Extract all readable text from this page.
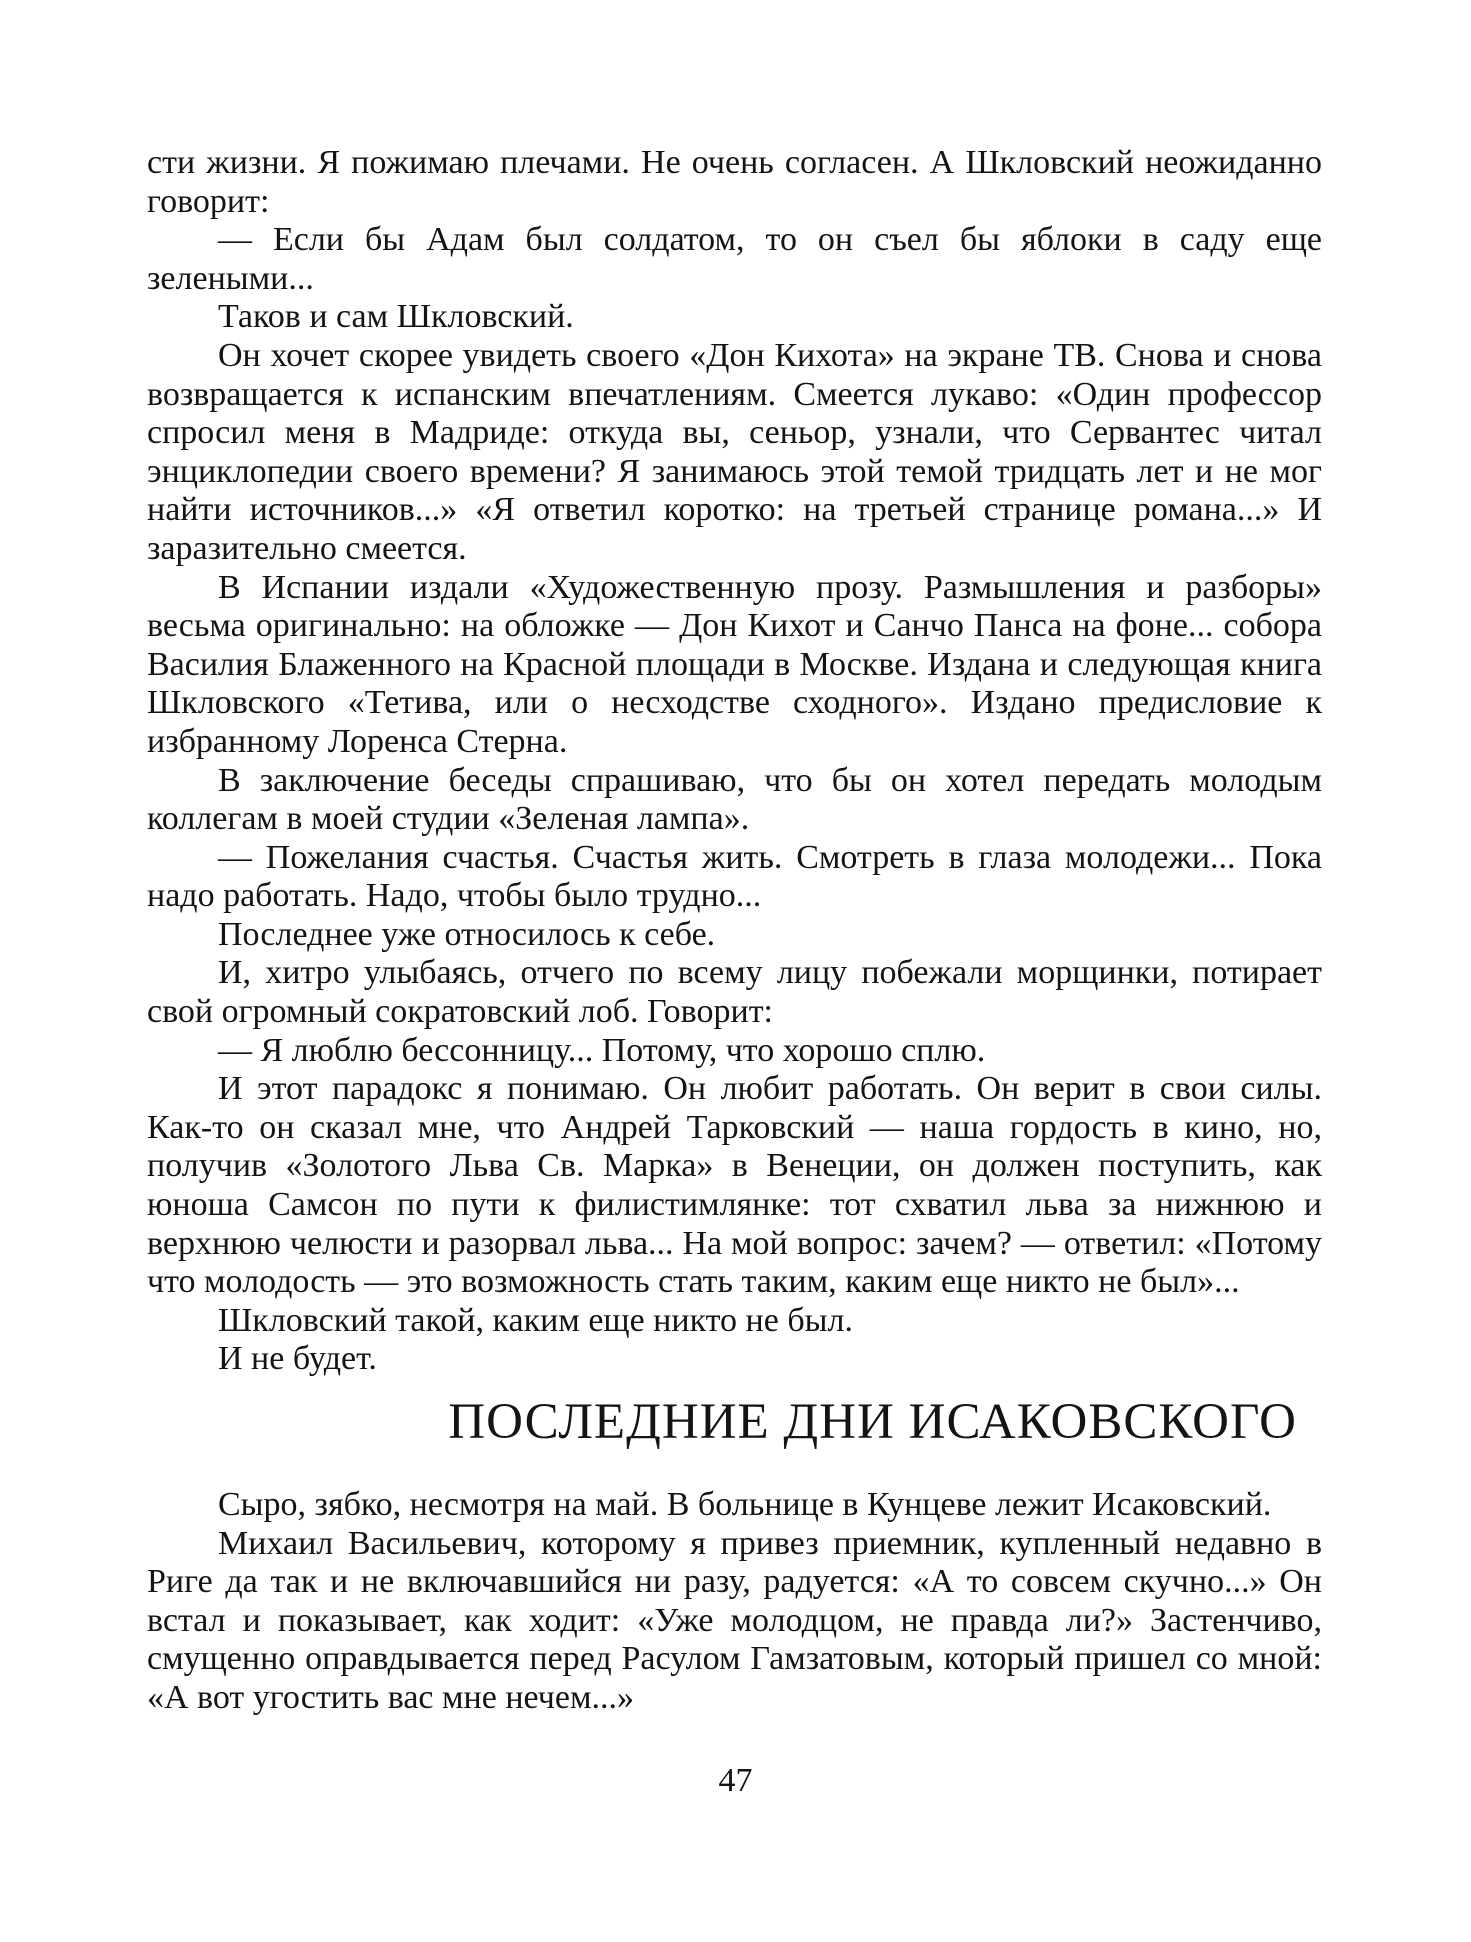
сти жизни. Я пожимаю плечами. Не очень согласен. А Шкловский неожиданно говорит:

— Если бы Адам был солдатом, то он съел бы яблоки в саду еще зелеными...

Таков и сам Шкловский.

Он хочет скорее увидеть своего «Дон Кихота» на экране ТВ. Снова и снова возвращается к испанским впечатлениям. Смеется лукаво: «Один профессор спросил меня в Мадриде: откуда вы, сеньор, узнали, что Сервантес читал энциклопедии своего времени? Я занимаюсь этой темой тридцать лет и не мог найти источников...» «Я ответил коротко: на третьей странице романа...» И заразительно смеется.

В Испании издали «Художественную прозу. Размышления и разборы» весьма оригинально: на обложке — Дон Кихот и Санчо Панса на фоне... собора Василия Блаженного на Красной площади в Москве. Издана и следующая книга Шкловского «Тетива, или о несходстве сходного». Издано предисловие к избранному Лоренса Стерна.

В заключение беседы спрашиваю, что бы он хотел передать молодым коллегам в моей студии «Зеленая лампа».

— Пожелания счастья. Счастья жить. Смотреть в глаза молодежи... Пока надо работать. Надо, чтобы было трудно...

Последнее уже относилось к себе.

И, хитро улыбаясь, отчего по всему лицу побежали морщинки, потирает свой огромный сократовский лоб. Говорит:

— Я люблю бессонницу... Потому, что хорошо сплю.

И этот парадокс я понимаю. Он любит работать. Он верит в свои силы. Как-то он сказал мне, что Андрей Тарковский — наша гордость в кино, но, получив «Золотого Льва Св. Марка» в Венеции, он должен поступить, как юноша Самсон по пути к филистимлянке: тот схватил льва за нижнюю и верхнюю челюсти и разорвал льва... На мой вопрос: зачем? — ответил: «Потому что молодость — это возможность стать таким, каким еще никто не был»...

Шкловский такой, каким еще никто не был.

И не будет.

ПОСЛЕДНИЕ ДНИ ИСАКОВСКОГО

Сыро, зябко, несмотря на май. В больнице в Кунцеве лежит Исаковский.

Михаил Васильевич, которому я привез приемник, купленный недавно в Риге да так и не включавшийся ни разу, радуется: «А то совсем скучно...» Он встал и показывает, как ходит: «Уже молодцом, не правда ли?» Застенчиво, смущенно оправдывается перед Расулом Гамзатовым, который пришел со мной: «А вот угостить вас мне нечем...»

47
